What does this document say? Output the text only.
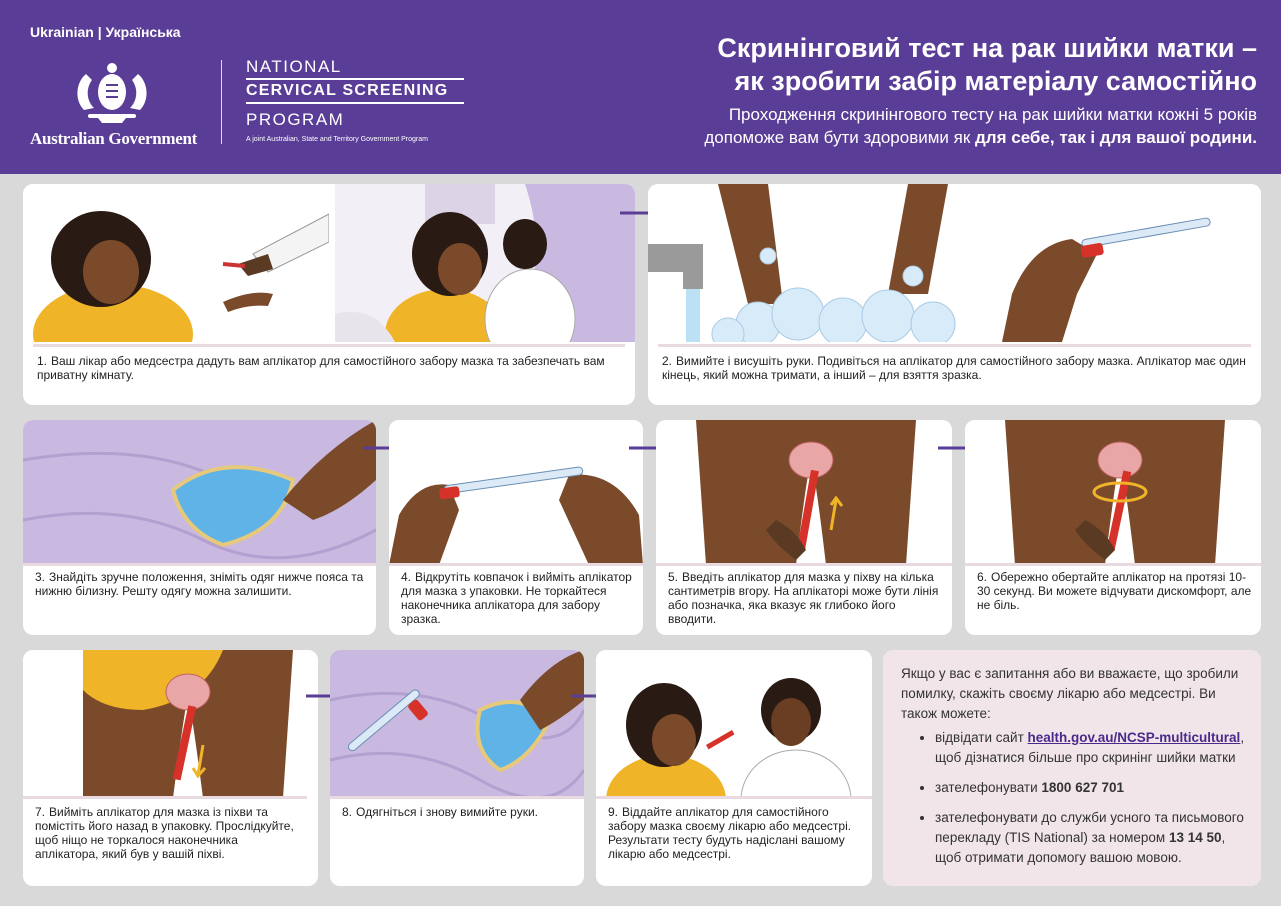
Ukrainian | Українська
Australian Government
NATIONAL
CERVICAL SCREENING
PROGRAM
A joint Australian, State and Territory Government Program
Скринінговий тест на рак шийки матки –
як зробити забір матеріалу самостійно
Проходження скринінгового тесту на рак шийки матки кожні 5 років
допоможе вам бути здоровими як для себе, так і для вашої родини.
1. Ваш лікар або медсестра дадуть вам аплікатор для самостійного забору мазка та забезпечать вам приватну кімнату.
2. Вимийте і висушіть руки. Подивіться на аплікатор для самостійного забору мазка. Аплікатор має один кінець, який можна тримати, а інший – для взяття зразка.
3. Знайдіть зручне положення, зніміть одяг нижче пояса та нижню білизну. Решту одягу можна залишити.
4. Відкрутіть ковпачок і вийміть аплікатор для мазка з упаковки. Не торкайтеся наконечника аплікатора для забору зразка.
5. Введіть аплікатор для мазка у піхву на кілька сантиметрів вгору. На аплікаторі може бути лінія або позначка, яка вказує як глибоко його вводити.
6. Обережно обертайте аплікатор на протязі 10-30 секунд. Ви можете відчувати дискомфорт, але не біль.
7. Вийміть аплікатор для мазка із піхви та помістіть його назад в упаковку. Прослідкуйте, щоб ніщо не торкалося наконечника аплікатора, який був у вашій піхві.
8. Одягніться і знову вимийте руки.	9. Віддайте аплікатор для самостійного забору мазка своєму лікарю або медсестрі. Результати тесту будуть надіслані вашому лікарю або медсестрі.

Якщо у вас є запитання або ви вважаєте, що зробили помилку, скажіть своєму лікарю або медсестрі. Ви також можете:

• відвідати сайт health.gov.au/NCSP-multicultural, щоб дізнатися більше про скринінг шийки матки
• зателефонувати 1800 627 701
• зателефонувати до служби усного та письмового перекладу (TIS National) за номером 13 14 50, щоб отримати допомогу вашою мовою.
